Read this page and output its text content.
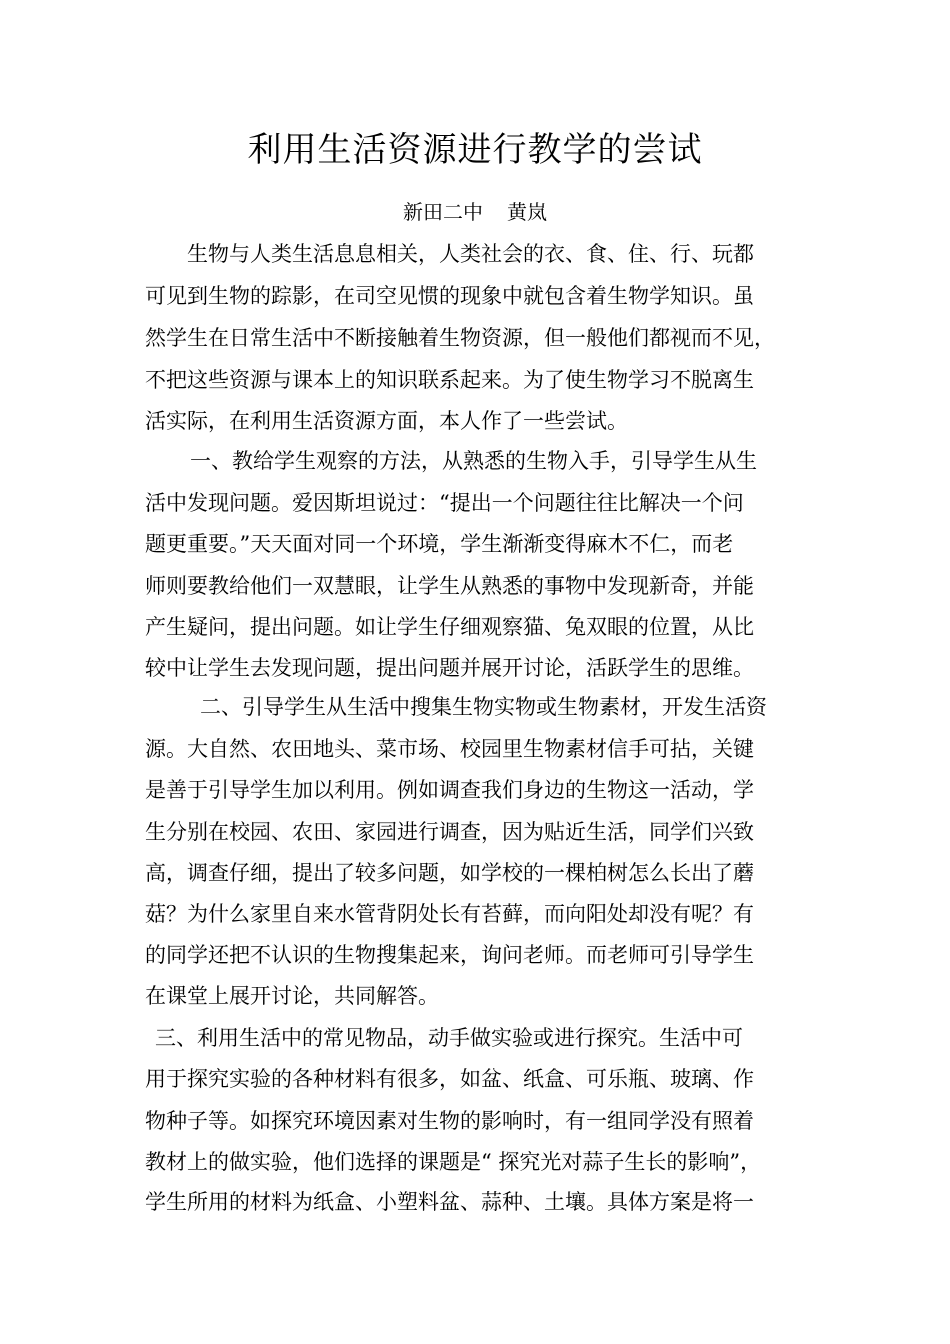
利用生活资源进行教学的尝试
新田二中 黄岚
生物与人类生活息息相关，人类社会的衣、食、住、行、玩都
可见到生物的踪影，在司空见惯的现象中就包含着生物学知识。虽
然学生在日常生活中不断接触着生物资源，但一般他们都视而不见，
不把这些资源与课本上的知识联系起来。为了使生物学习不脱离生
活实际，在利用生活资源方面，本人作了一些尝试。
一、教给学生观察的方法，从熟悉的生物入手，引导学生从生
活中发现问题。爱因斯坦说过：“提出一个问题往往比解决一个问
题更重要。”天天面对同一个环境，学生渐渐变得麻木不仁，而老
师则要教给他们一双慧眼，让学生从熟悉的事物中发现新奇，并能
产生疑问，提出问题。如让学生仔细观察猫、兔双眼的位置，从比
较中让学生去发现问题，提出问题并展开讨论，活跃学生的思维。
二、引导学生从生活中搜集生物实物或生物素材，开发生活资
源。大自然、农田地头、菜市场、校园里生物素材信手可拈，关键
是善于引导学生加以利用。例如调查我们身边的生物这一活动，学
生分别在校园、农田、家园进行调查，因为贴近生活，同学们兴致
高，调查仔细，提出了较多问题，如学校的一棵柏树怎么长出了蘑
菇？为什么家里自来水管背阴处长有苔藓，而向阳处却没有呢？有
的同学还把不认识的生物搜集起来，询问老师。而老师可引导学生
在课堂上展开讨论，共同解答。
三、利用生活中的常见物品，动手做实验或进行探究。生活中可
用于探究实验的各种材料有很多，如盆、纸盒、可乐瓶、玻璃、作
物种子等。如探究环境因素对生物的影响时，有一组同学没有照着
教材上的做实验，他们选择的课题是“ 探究光对蒜子生长的影响”，
学生所用的材料为纸盒、小塑料盆、蒜种、土壤。具体方案是将一
